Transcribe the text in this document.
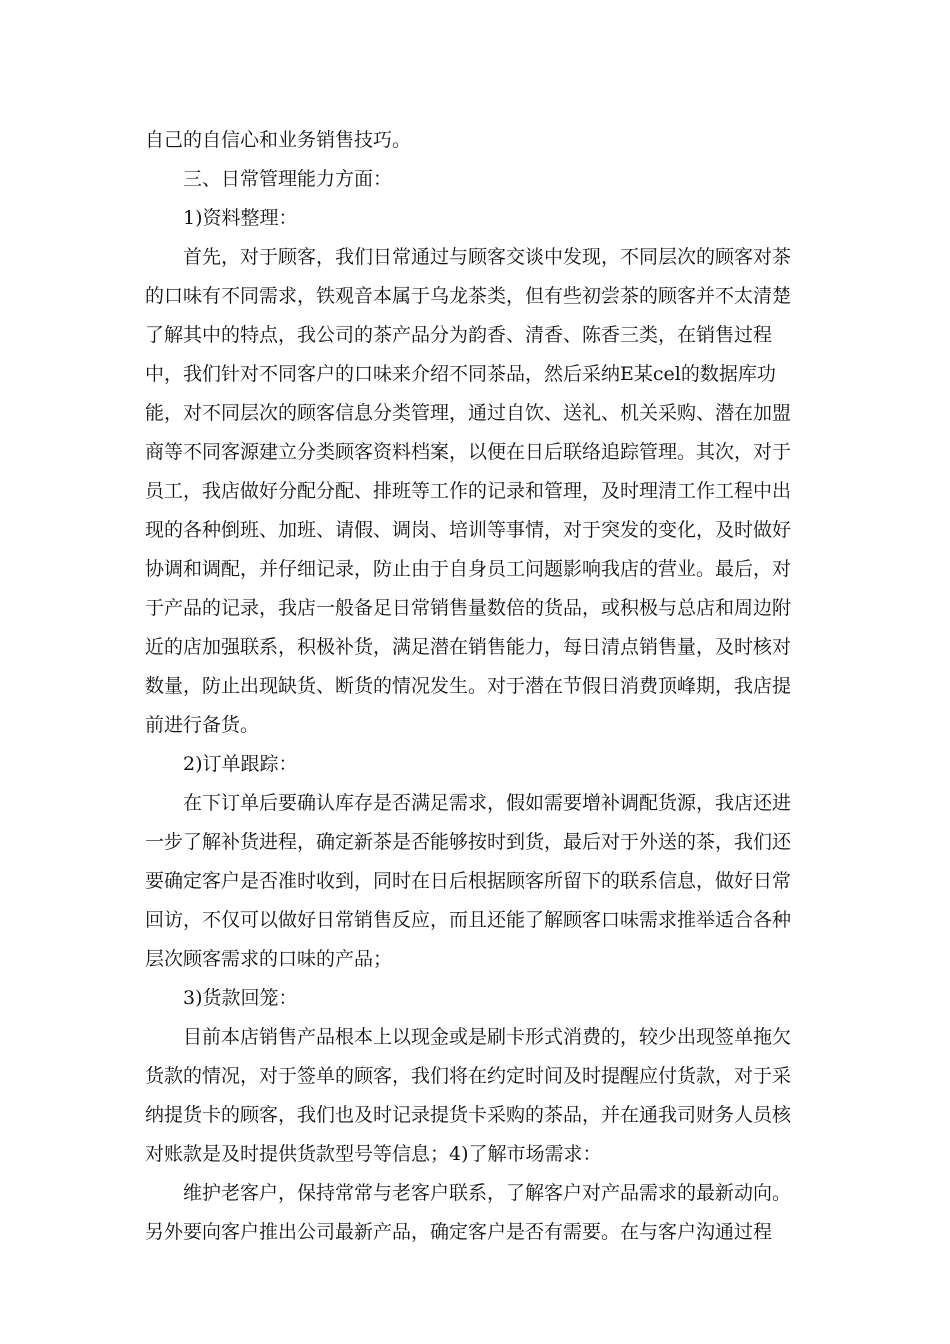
自己的自信心和业务销售技巧。
三、日常管理能力方面：
1)资料整理：
首先，对于顾客，我们日常通过与顾客交谈中发现，不同层次的顾客对茶
的口味有不同需求，铁观音本属于乌龙茶类，但有些初尝茶的顾客并不太清楚
了解其中的特点，我公司的茶产品分为韵香、清香、陈香三类，在销售过程
中，我们针对不同客户的口味来介绍不同茶品，然后采纳E某cel的数据库功
能，对不同层次的顾客信息分类管理，通过自饮、送礼、机关采购、潜在加盟
商等不同客源建立分类顾客资料档案，以便在日后联络追踪管理。其次，对于
员工，我店做好分配分配、排班等工作的记录和管理，及时理清工作工程中出
现的各种倒班、加班、请假、调岗、培训等事情，对于突发的变化，及时做好
协调和调配，并仔细记录，防止由于自身员工问题影响我店的营业。最后，对
于产品的记录，我店一般备足日常销售量数倍的货品，或积极与总店和周边附
近的店加强联系，积极补货，满足潜在销售能力，每日清点销售量，及时核对
数量，防止出现缺货、断货的情况发生。对于潜在节假日消费顶峰期，我店提
前进行备货。
2)订单跟踪：
在下订单后要确认库存是否满足需求，假如需要增补调配货源，我店还进
一步了解补货进程，确定新茶是否能够按时到货，最后对于外送的茶，我们还
要确定客户是否准时收到，同时在日后根据顾客所留下的联系信息，做好日常
回访，不仅可以做好日常销售反应，而且还能了解顾客口味需求推举适合各种
层次顾客需求的口味的产品；
3)货款回笼：
目前本店销售产品根本上以现金或是刷卡形式消费的，较少出现签单拖欠
货款的情况，对于签单的顾客，我们将在约定时间及时提醒应付货款，对于采
纳提货卡的顾客，我们也及时记录提货卡采购的茶品，并在通我司财务人员核
对账款是及时提供货款型号等信息；4)了解市场需求：
维护老客户，保持常常与老客户联系，了解客户对产品需求的最新动向。
另外要向客户推出公司最新产品，确定客户是否有需要。在与客户沟通过程
